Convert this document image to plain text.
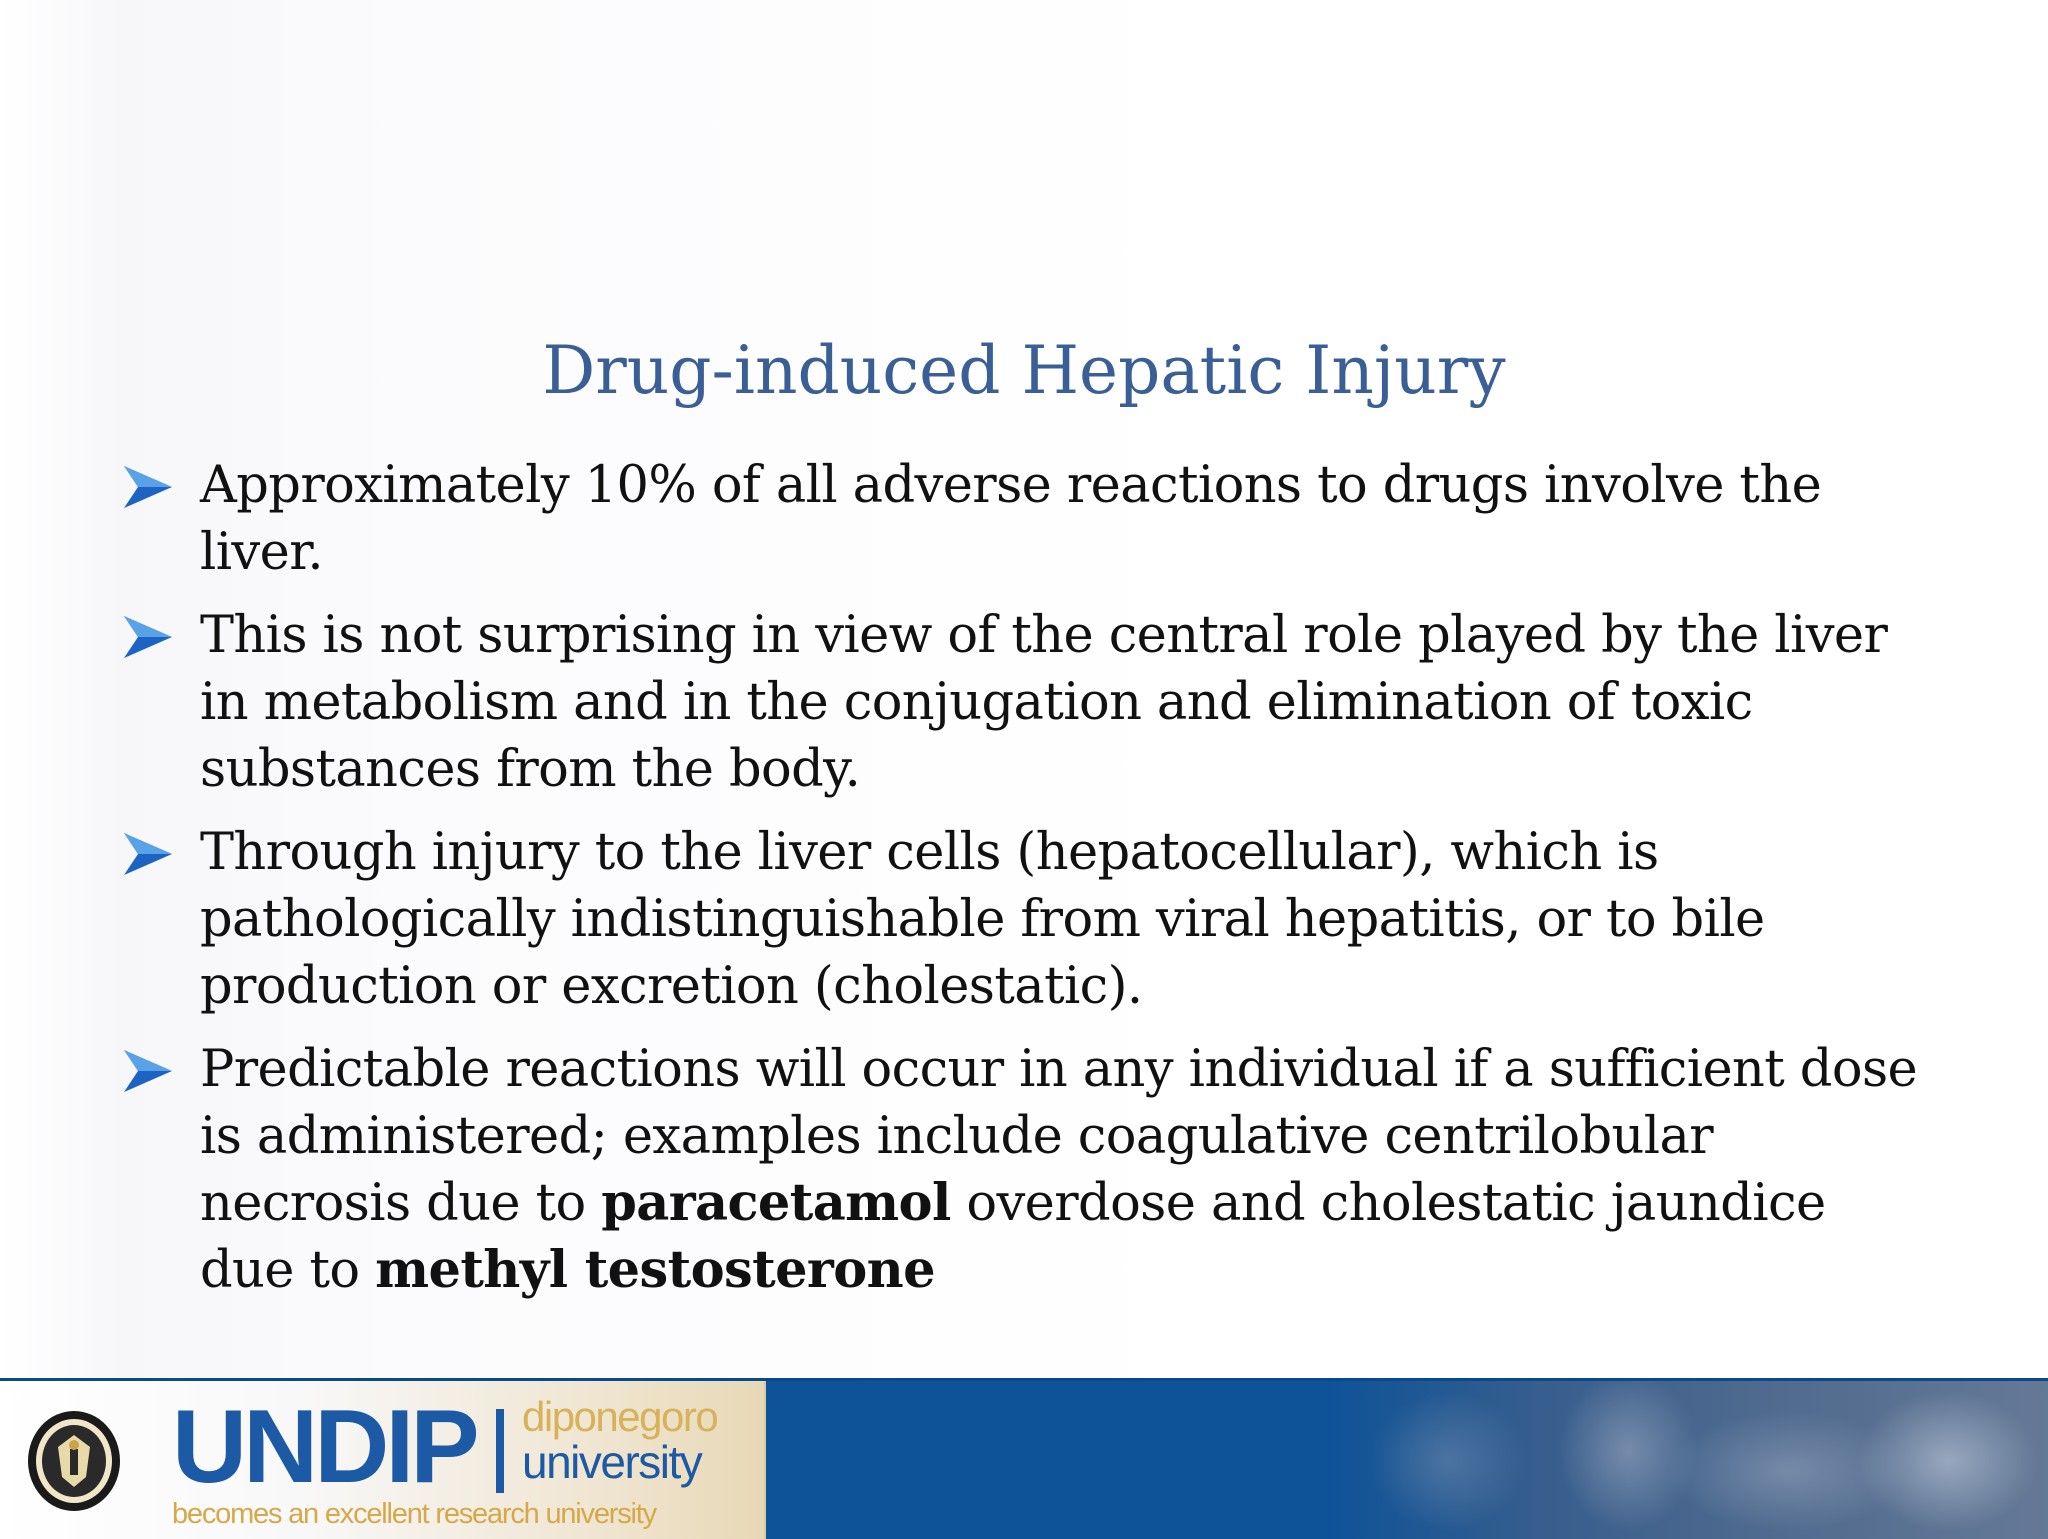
Drug-induced Hepatic Injury
Approximately 10% of all adverse reactions to drugs involve the liver.
This is not surprising in view of the central role played by the liver in metabolism and in the conjugation and elimination of toxic substances from the body.
Through injury to the liver cells (hepatocellular), which is pathologically indistinguishable from viral hepatitis, or to bile production or excretion (cholestatic).
Predictable reactions will occur in any individual if a sufficient dose is administered; examples include coagulative centrilobular necrosis due to paracetamol overdose and cholestatic jaundice due to methyl testosterone
UNDIP diponegoro
university
becomes an excellent research university
